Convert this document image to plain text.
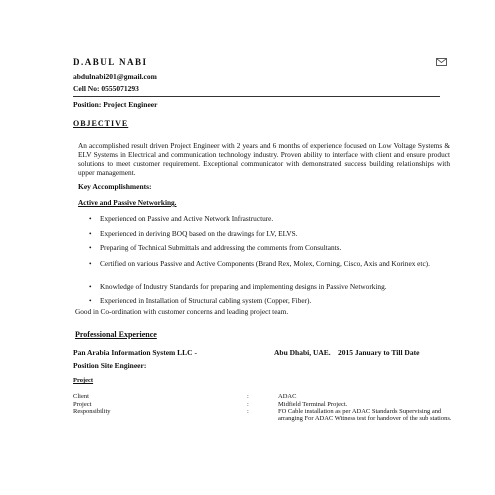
D.ABUL NABI
abdulnabi201@gmail.com
Cell No: 0555071293
Position: Project Engineer
OBJECTIVE
An accomplished result driven Project Engineer with 2 years and 6 months of experience focused on Low Voltage Systems & ELV Systems in Electrical and communication technology industry. Proven ability to interface with client and ensure product solutions to meet customer requirement. Exceptional communicator with demonstrated success building relationships with upper management.
Key Accomplishments:
Active and Passive Networking.
• Experienced on Passive and Active Network Infrastructure.
• Experienced in deriving BOQ based on the drawings for LV, ELVS.
• Preparing of Technical Submittals and addressing the comments from Consultants.
• Certified on various Passive and Active Components (Brand Rex, Molex, Corning, Cisco, Axis and Korinex etc).
• Knowledge of Industry Standards for preparing and implementing designs in Passive Networking.
• Experienced in Installation of Structural cabling system (Copper, Fiber).
Good in Co-ordination with customer concerns and leading project team.
Professional Experience
Pan Arabia Information System LLC -	Abu Dhabi, UAE. 2015 January to Till Date
Position Site Engineer:
Project
Client	:	ADAC
Project	:	Midfield Terminal Project.
Responsibility	:	FO Cable installation as per ADAC Standards Supervising and arranging For ADAC Witness test for handover of the sub stations.
